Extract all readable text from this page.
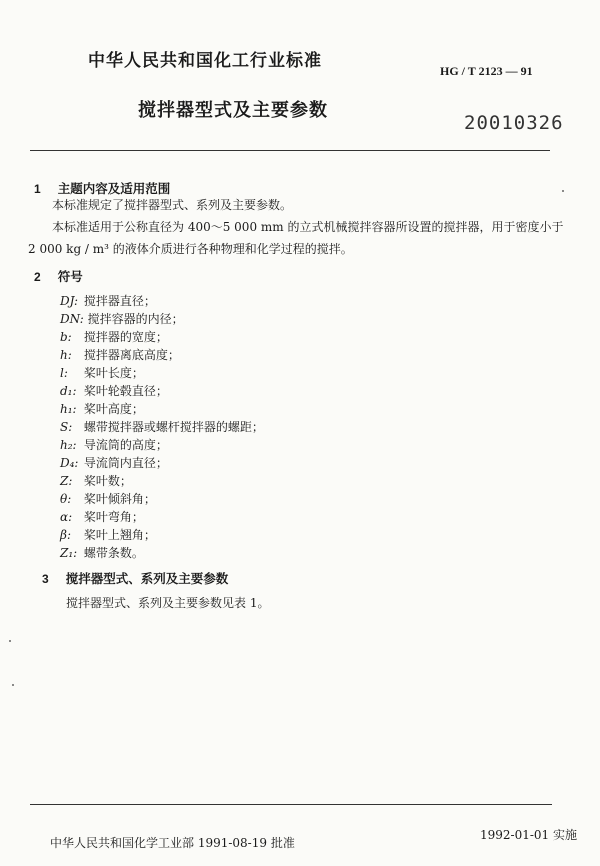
中华人民共和国化工行业标准	HG / T 2123 — 91
搅拌器型式及主要参数
20010326
1 主题内容及适用范围
本标准规定了搅拌器型式、系列及主要参数。
本标准适用于公称直径为 400～5 000 mm 的立式机械搅拌容器所设置的搅拌器，用于密度小于
2 000 kg / m³ 的液体介质进行各种物理和化学过程的搅拌。
2 符号
DJ: 搅拌器直径；
DN: 搅拌容器的内径；
b: 搅拌器的宽度；
h: 搅拌器离底高度；
l: 桨叶长度；
d₁: 桨叶轮毂直径；
h₁: 桨叶高度；
S: 螺带搅拌器或螺杆搅拌器的螺距；
h₂: 导流筒的高度；
D₄: 导流筒内直径；
Z: 桨叶数；
θ: 桨叶倾斜角；
α: 桨叶弯角；
β: 桨叶上翘角；
Z₁: 螺带条数。
3 搅拌器型式、系列及主要参数
搅拌器型式、系列及主要参数见表 1。
中华人民共和国化学工业部 1991-08-19 批准
1992-01-01 实施
